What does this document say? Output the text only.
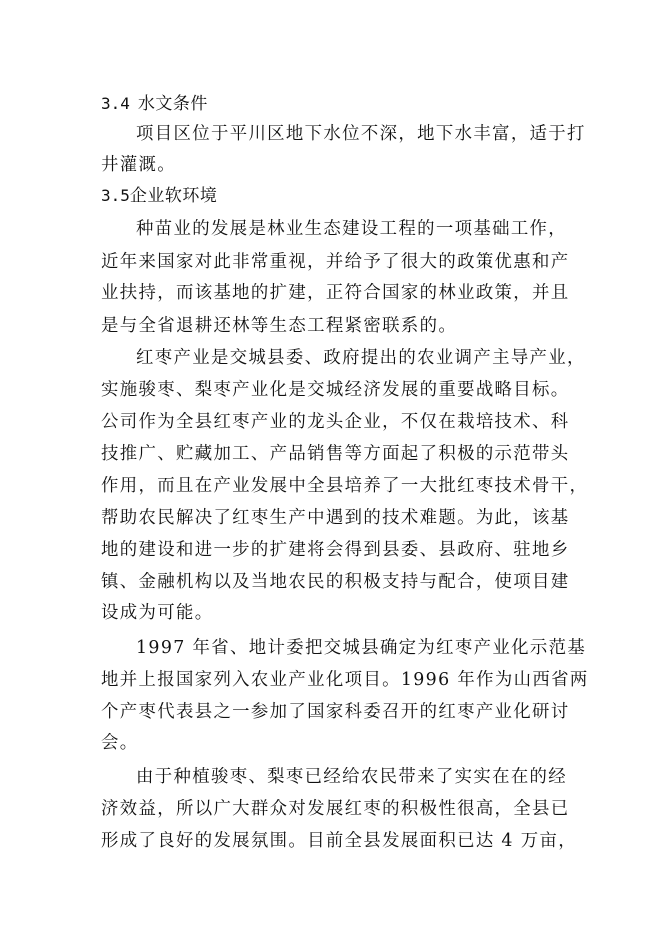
3.4 水文条件
项目区位于平川区地下水位不深，地下水丰富，适于打
井灌溉。
3.5企业软环境
种苗业的发展是林业生态建设工程的一项基础工作，
近年来国家对此非常重视，并给予了很大的政策优惠和产
业扶持，而该基地的扩建，正符合国家的林业政策，并且
是与全省退耕还林等生态工程紧密联系的。
红枣产业是交城县委、政府提出的农业调产主导产业，
实施骏枣、梨枣产业化是交城经济发展的重要战略目标。
公司作为全县红枣产业的龙头企业，不仅在栽培技术、科
技推广、贮藏加工、产品销售等方面起了积极的示范带头
作用，而且在产业发展中全县培养了一大批红枣技术骨干，
帮助农民解决了红枣生产中遇到的技术难题。为此，该基
地的建设和进一步的扩建将会得到县委、县政府、驻地乡
镇、金融机构以及当地农民的积极支持与配合，使项目建
设成为可能。
1997 年省、地计委把交城县确定为红枣产业化示范基
地并上报国家列入农业产业化项目。1996 年作为山西省两
个产枣代表县之一参加了国家科委召开的红枣产业化研讨
会。
由于种植骏枣、梨枣已经给农民带来了实实在在的经
济效益，所以广大群众对发展红枣的积极性很高，全县已
形成了良好的发展氛围。目前全县发展面积已达 4 万亩，
